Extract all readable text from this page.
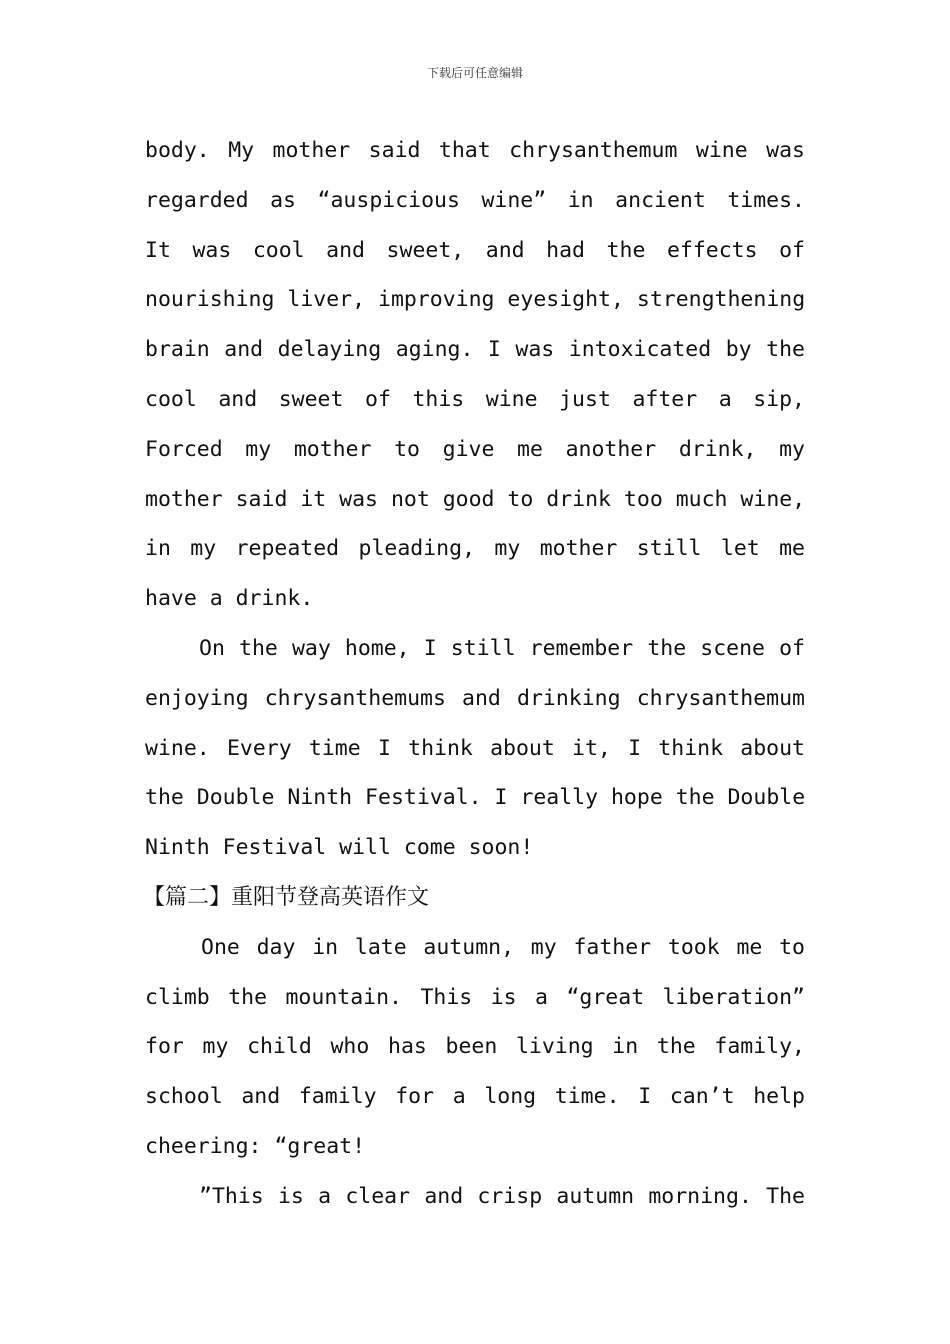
下载后可任意编辑
body. My mother said that chrysanthemum wine was
regarded as “auspicious wine” in ancient times.
It was cool and sweet, and had the effects of
nourishing liver, improving eyesight, strengthening
brain and delaying aging. I was intoxicated by the
cool and sweet of this wine just after a sip,
Forced my mother to give me another drink, my
mother said it was not good to drink too much wine,
in my repeated pleading, my mother still let me
have a drink.
On the way home, I still remember the scene of
enjoying chrysanthemums and drinking chrysanthemum
wine. Every time I think about it, I think about
the Double Ninth Festival. I really hope the Double
Ninth Festival will come soon!
【篇二】重阳节登高英语作文
One day in late autumn, my father took me to
climb the mountain. This is a “great liberation”
for my child who has been living in the family,
school and family for a long time. I can’t help
cheering: “great!
”This is a clear and crisp autumn morning. The
